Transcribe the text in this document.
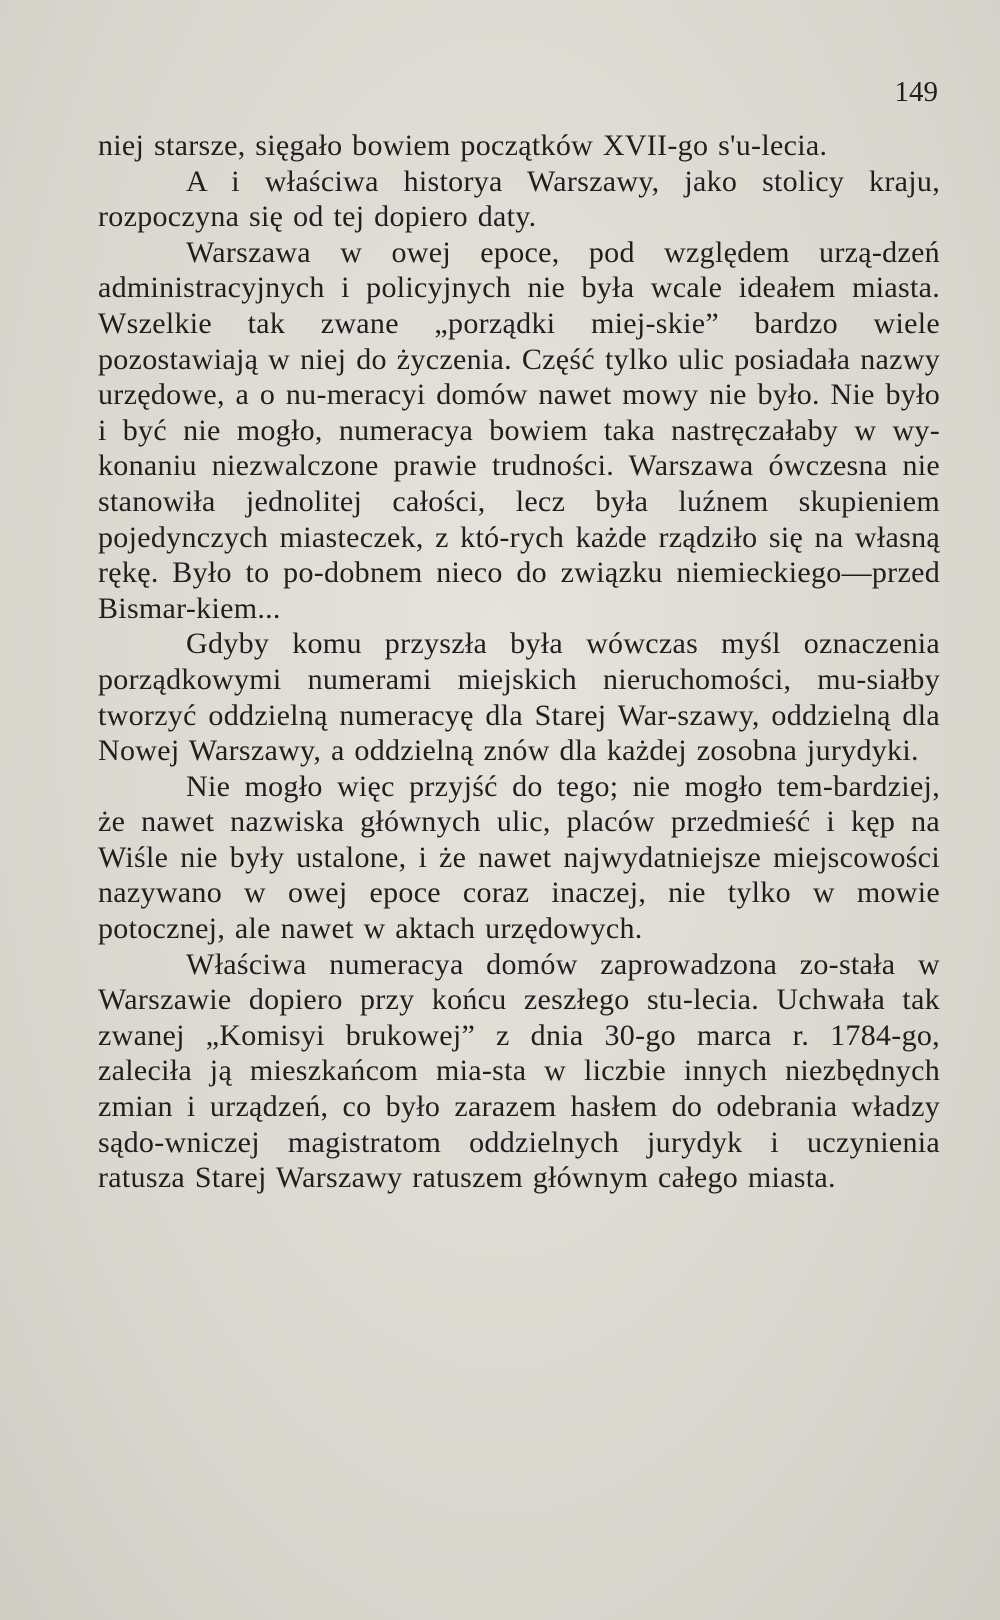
149

niej starsze, sięgało bowiem początków XVII-go s'u-lecia.

A i właściwa historya Warszawy, jako stolicy kraju, rozpoczyna się od tej dopiero daty.

Warszawa w owej epoce, pod względem urzą-dzeń administracyjnych i policyjnych nie była wcale ideałem miasta. Wszelkie tak zwane „porządki miej-skie” bardzo wiele pozostawiają w niej do życzenia. Część tylko ulic posiadała nazwy urzędowe, a o nu-meracyi domów nawet mowy nie było. Nie było i być nie mogło, numeracya bowiem taka nastręczałaby w wy-konaniu niezwalczone prawie trudności. Warszawa ówczesna nie stanowiła jednolitej całości, lecz była luźnem skupieniem pojedynczych miasteczek, z któ-rych każde rządziło się na własną rękę. Było to po-dobnem nieco do związku niemieckiego—przed Bismar-kiem...

Gdyby komu przyszła była wówczas myśl oznaczenia porządkowymi numerami miejskich nieruchomości, mu-siałby tworzyć oddzielną numeracyę dla Starej War-szawy, oddzielną dla Nowej Warszawy, a oddzielną znów dla każdej zosobna jurydyki.

Nie mogło więc przyjść do tego; nie mogło tem-bardziej, że nawet nazwiska głównych ulic, placów przedmieść i kęp na Wiśle nie były ustalone, i że nawet najwydatniejsze miejscowości nazywano w owej epoce coraz inaczej, nie tylko w mowie potocznej, ale nawet w aktach urzędowych.

Właściwa numeracya domów zaprowadzona zo-stała w Warszawie dopiero przy końcu zeszłego stu-lecia. Uchwała tak zwanej „Komisyi brukowej” z dnia 30-go marca r. 1784-go, zaleciła ją mieszkańcom mia-sta w liczbie innych niezbędnych zmian i urządzeń, co było zarazem hasłem do odebrania władzy sądo-wniczej magistratom oddzielnych jurydyk i uczynienia ratusza Starej Warszawy ratuszem głównym całego miasta.
